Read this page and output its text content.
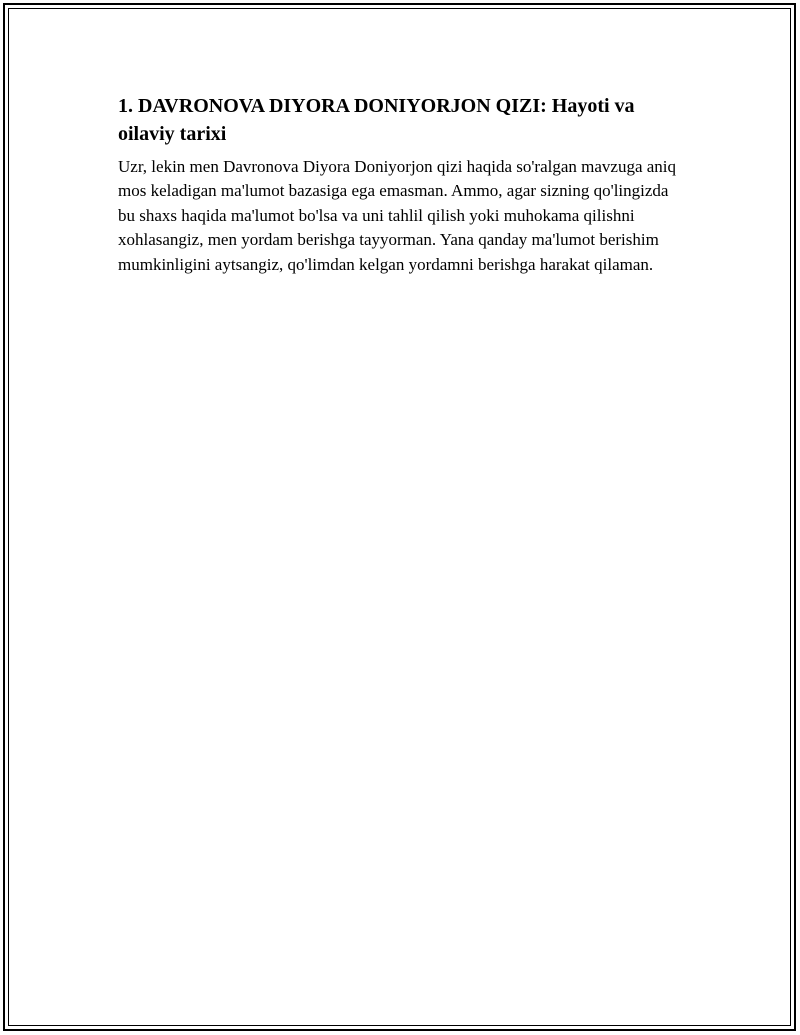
1. DAVRONOVA DIYORA DONIYORJON QIZI: Hayoti va oilaviy tarixi

Uzr, lekin men Davronova Diyora Doniyorjon qizi haqida so'ralgan mavzuga aniq mos keladigan ma'lumot bazasiga ega emasman. Ammo, agar sizning qo'lingizda bu shaxs haqida ma'lumot bo'lsa va uni tahlil qilish yoki muhokama qilishni xohlasangiz, men yordam berishga tayyorman. Yana qanday ma'lumot berishim mumkinligini aytsangiz, qo'limdan kelgan yordamni berishga harakat qilaman.
